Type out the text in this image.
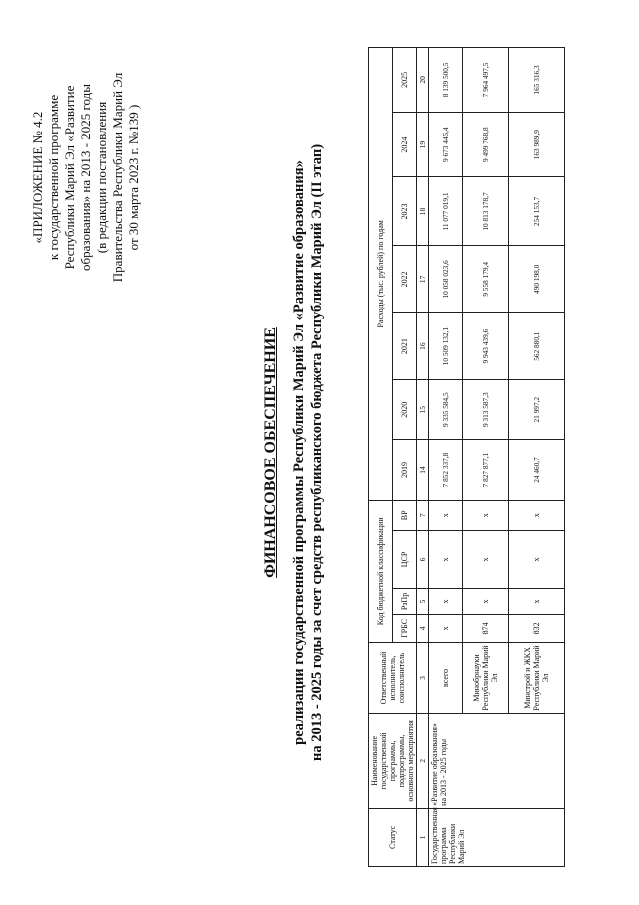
«ПРИЛОЖЕНИЕ № 4.2 к государственной программе Республики Марий Эл «Развитие образования» на 2013 - 2025 годы (в редакции постановления Правительства Республики Марий Эл от 30 марта 2023 г. №139 )
ФИНАНСОВОЕ ОБЕСПЕЧЕНИЕ реализации государственной программы Республики Марий Эл «Развитие образования» на 2013 - 2025 годы за счет средств республиканского бюджета Республики Марий Эл (II этап)
Статус	Наименование государственной программы, подпрограммы, основного мероприятия	Ответственный исполнитель, соисполнитель	Код бюджетной классификации				Расходы (тыс. рублей) по годам						
			ГРБС	РзПр	ЦСР	ВР	2019	2020	2021	2022	2023	2024	2025
1	2	3	4	5	6	7	14	15	16	17	18	19	20
Государственная программа Республики Марий Эл	«Развитие образования» на 2013 - 2025 годы	всего	х	х	х	х	7 852 337,8	9 335 584,5	10 509 132,1	10 058 023,6	11 077 019,1	9 673 445,4	8 139 500,5
		Минобрнауки Республики Марий Эл	874	х	х	х	7 827 877,1	9 313 587,3	9 943 439,6	9 558 179,4	10 813 178,7	9 499 768,8	7 964 497,5
		Минстрой и ЖКХ Республики Марий Эл	832	х	х	х	24 460,7	21 997,2	562 880,1	490 198,0	254 153,7	163 989,9	165 316,3
